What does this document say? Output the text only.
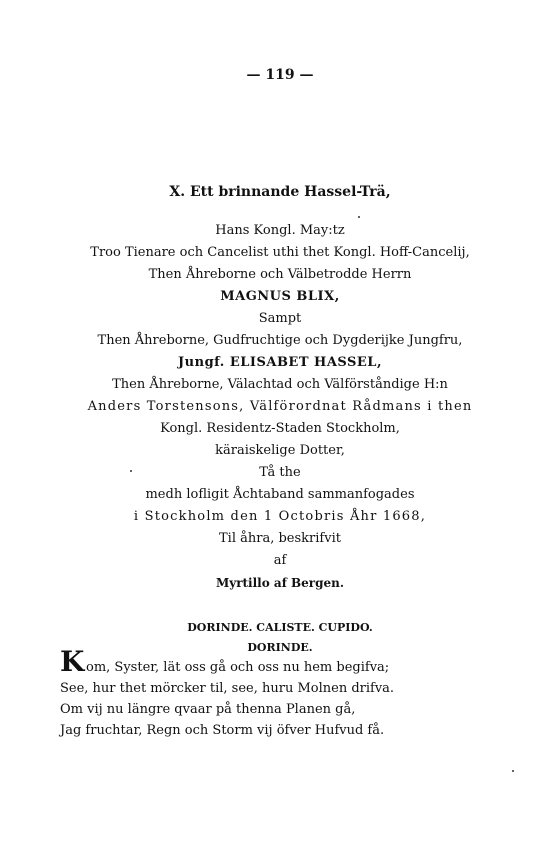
— 119 —
X. Ett brinnande Hassel-Trä,
Hans Kongl. May:tz
Troo Tienare och Cancelist uthi thet Kongl. Hoff-Cancelij,
Then Åhreborne och Välbetrodde Herrn
MAGNUS BLIX,
Sampt
Then Åhreborne, Gudfruchtige och Dygderijke Jungfru,
Jungf. ELISABET HASSEL,
Then Åhreborne, Välachtad och Välförståndige H:n
Anders Torstensons, Välförordnat Rådmans i then
Kongl. Residentz-Staden Stockholm,
käraiskelige Dotter,
Tå the
medh lofligit Åchtaband sammanfogades
i Stockholm den 1 Octobris Åhr 1668,
Til åhra, beskrifvit
af
Myrtillo af Bergen.
DORINDE. CALISTE. CUPIDO.
DORINDE.
K om, Syster, lät oss gå och oss nu hem begifva;
See, hur thet mörcker til, see, huru Molnen drifva.
Om vij nu längre qvaar på thenna Planen gå,
Jag fruchtar, Regn och Storm vij öfver Hufvud få.
